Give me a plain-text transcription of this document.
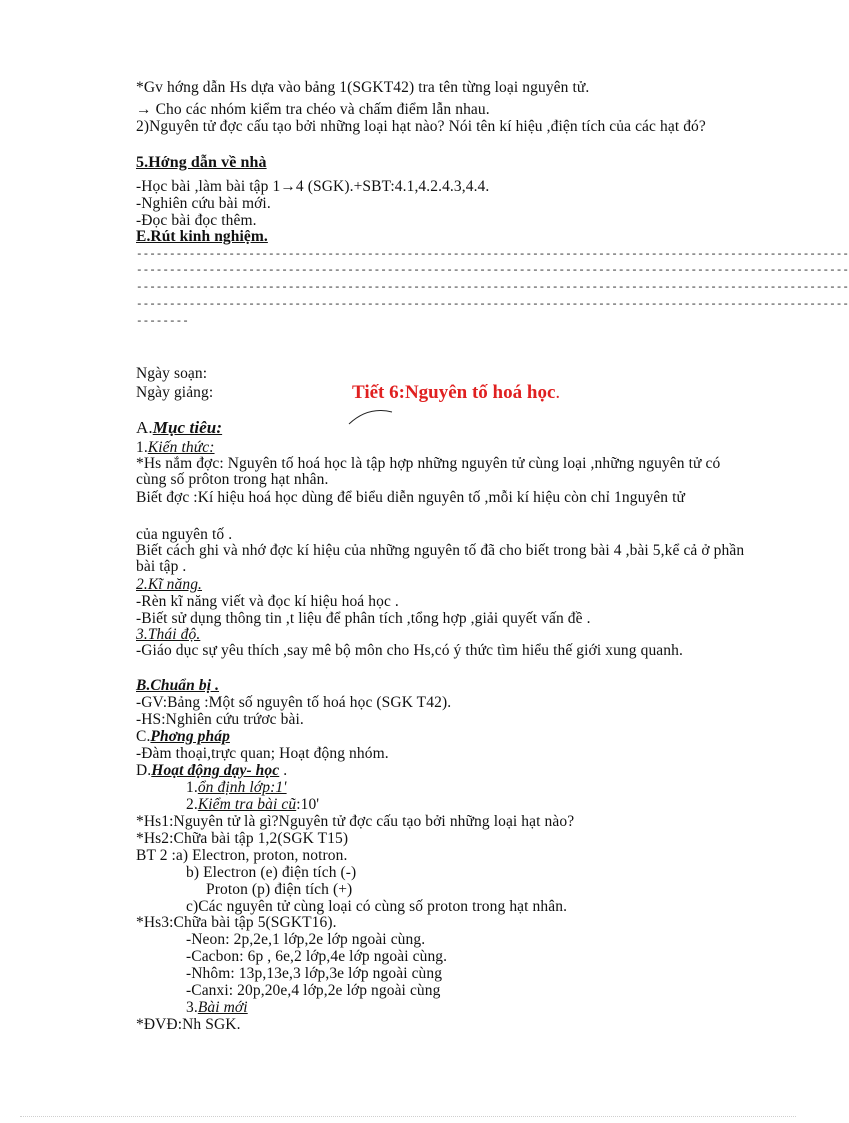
*Gv hớng dẫn Hs dựa vào bảng 1(SGKT42) tra tên từng loại nguyên tử.
→ Cho các nhóm kiểm tra chéo và chấm điểm lẫn nhau.
2)Nguyên tử đợc cấu tạo bởi những loại hạt nào? Nói tên kí hiệu ,điện tích của các hạt đó?
5.Hớng dẫn về nhà
-Học bài ,làm bài tập 1→4 (SGK).+SBT:4.1,4.2.4.3,4.4.
-Nghiên cứu bài mới.
-Đọc bài đọc thêm.
E.Rút kinh nghiệm.
------------------------------------------------------------------------------------------------------------
------------------------------------------------------------------------------------------------------------
------------------------------------------------------------------------------------------------------------
------------------------------------------------------------------------------------------------------------
--------
Ngày soạn:
Ngày giảng:	Tiết 6:Nguyên tố hoá học.
A.Mục tiêu:
1.Kiến thức:
*Hs nắm đợc: Nguyên tố hoá học là tập hợp những nguyên tử cùng loại ,những nguyên tử có cùng số prôton trong hạt nhân.
Biết đợc :Kí hiệu hoá học dùng để biểu diễn nguyên tố ,mỗi kí hiệu còn chỉ 1nguyên tử
của nguyên tố .
Biết cách ghi và nhớ đợc kí hiệu của những nguyên tố đã cho biết trong bài 4 ,bài 5,kể cả ở phần bài tập .
2.Kĩ năng.
-Rèn kĩ năng viết và đọc kí hiệu hoá học .
-Biết sử dụng thông tin ,t liệu để phân tích ,tổng hợp ,giải quyết vấn đề .
3.Thái độ.
-Giáo dục sự yêu thích ,say mê bộ môn cho Hs,có ý thức tìm hiểu thế giới xung quanh.
B.Chuẩn bị .
-GV:Bảng :Một số nguyên tố hoá học (SGK T42).
-HS:Nghiên cứu trứơc bài.
C.Phơng pháp
-Đàm thoại,trực quan; Hoạt động nhóm.
D.Hoạt động dạy- học .
1.ổn định lớp:1'
2.Kiểm tra bài cũ:10'
*Hs1:Nguyên tử là gì?Nguyên tử đợc cấu tạo bởi những loại hạt nào?
*Hs2:Chữa bài tập 1,2(SGK T15)
BT 2 :a) Electron, proton, notron.
b) Electron (e) điện tích (-)
Proton (p) điện tích (+)
c)Các nguyên tử cùng loại có cùng số proton trong hạt nhân.
*Hs3:Chữa bài tập 5(SGKT16).
-Neon: 2p,2e,1 lớp,2e lớp ngoài cùng.
-Cacbon: 6p , 6e,2 lớp,4e lớp ngoài cùng.
-Nhôm: 13p,13e,3 lớp,3e lớp ngoài cùng
-Canxi: 20p,20e,4 lớp,2e lớp ngoài cùng
3.Bài mới
*ĐVĐ:Nh SGK.
